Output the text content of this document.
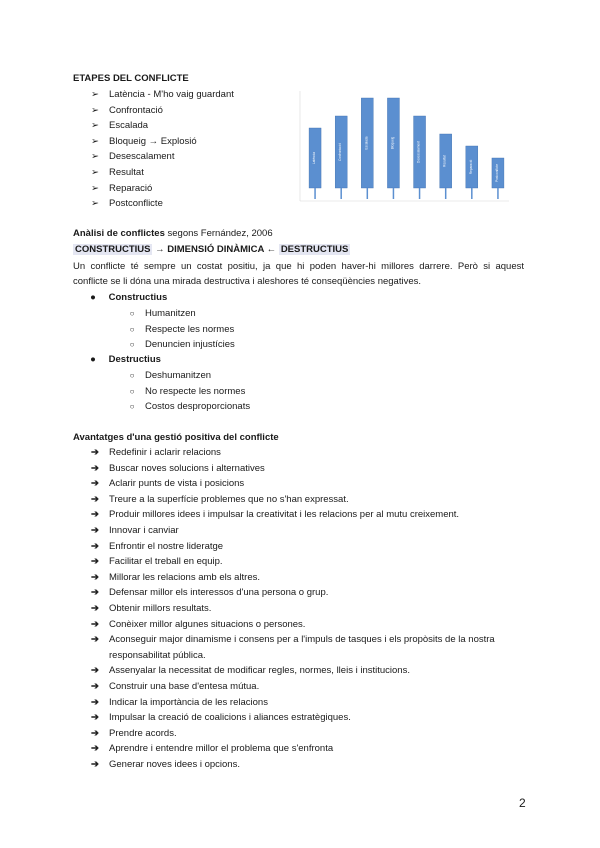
ETAPES DEL CONFLICTE
➢ Latència - M'ho vaig guardant
➢ Confrontació
➢ Escalada
➢ Bloqueig → Explosió
➢ Desescalament
➢ Resultat
➢ Reparació
➢ Postconflicte
Latència	Confrontació	Escalada	Bloqueig	Desescalament	Resultat	Reparació	Postconflicte
Anàlisi de conflictes segons Fernández, 2006
CONSTRUCTIUS → DIMENSIÓ DINÀMICA ← DESTRUCTIUS
Un conflicte té sempre un costat positiu, ja que hi poden haver-hi millores darrere. Però si aquest
conflicte se li dóna una mirada destructiva i aleshores té conseqüències negatives.
● Constructius
○ Humanitzen
○ Respecte les normes
○ Denuncien injustícies
● Destructius
○ Deshumanitzen
○ No respecte les normes
○ Costos desproporcionats
Avantatges d'una gestió positiva del conflicte
➔ Redefinir i aclarir relacions
➔ Buscar noves solucions i alternatives
➔ Aclarir punts de vista i posicions
➔ Treure a la superfície problemes que no s'han expressat.
➔ Produir millores idees i impulsar la creativitat i les relacions per al mutu creixement.
➔ Innovar i canviar
➔ Enfrontir el nostre lideratge
➔ Facilitar el treball en equip.
➔ Millorar les relacions amb els altres.
➔ Defensar millor els interessos d'una persona o grup.
➔ Obtenir millors resultats.
➔ Conèixer millor algunes situacions o persones.
➔ Aconseguir major dinamisme i consens per a l'impuls de tasques i els propòsits de la nostra
responsabilitat pública.
➔ Assenyalar la necessitat de modificar regles, normes, lleis i institucions.
➔ Construir una base d'entesa mútua.
➔ Indicar la importància de les relacions
➔ Impulsar la creació de coalicions i aliances estratègiques.
➔ Prendre acords.
➔ Aprendre i entendre millor el problema que s'enfronta
➔ Generar noves idees i opcions.
2
